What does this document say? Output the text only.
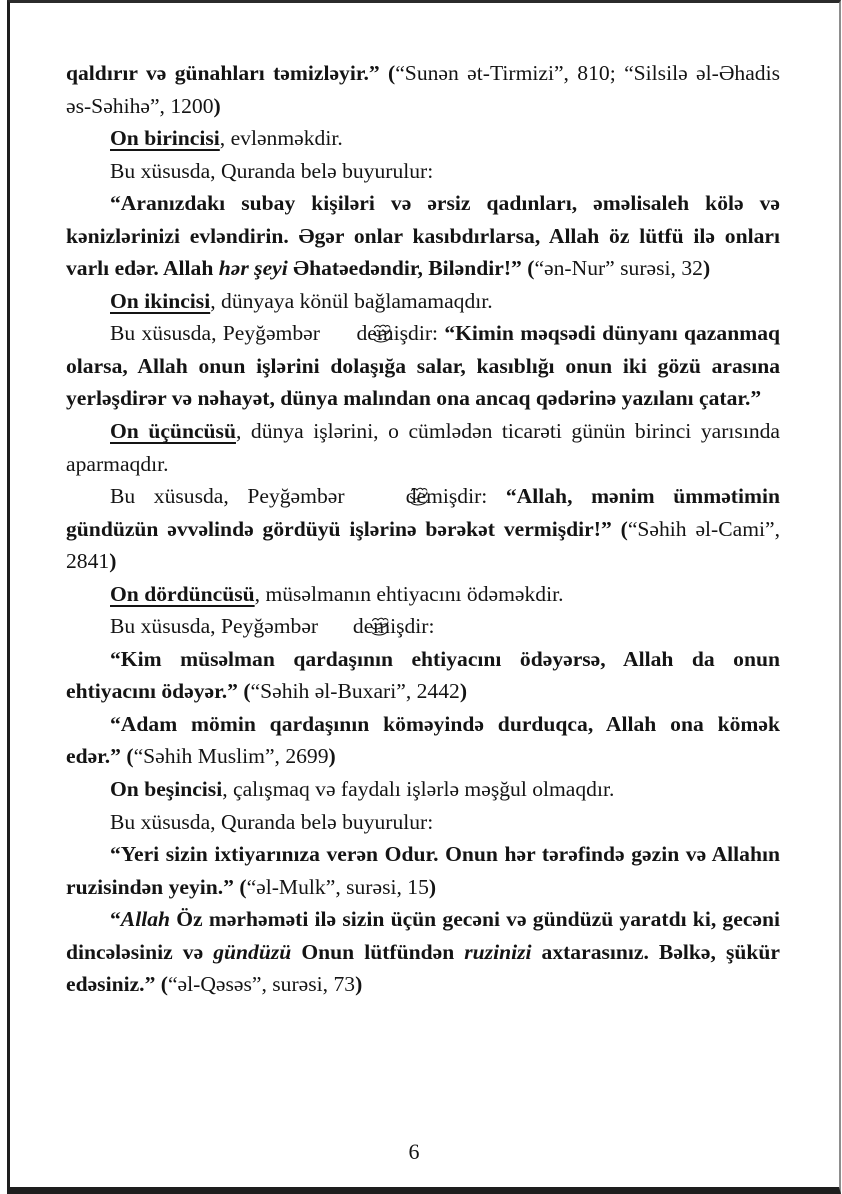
qaldırır və günahları təmizləyir.” (“Sunən ət-Tirmizi”, 810; “Silsilə əl-Əhadis əs-Səhihə”, 1200)

On birincisi, evlənməkdir.

Bu xüsusda, Quranda belə buyurulur:

“Aranızdakı subay kişiləri və ərsiz qadınları, əməlisaleh kölə və kənizlərinizi evləndirin. Əgər onlar kasıbdırlarsa, Allah öz lütfü ilə onları varlı edər. Allah hər şeyi Əhatəedəndir, Biləndir!” (“ən-Nur” surəsi, 32)

On ikincisi, dünyaya könül bağlamamaqdır.

Bu xüsusda, Peyğəmbər  demişdir: “Kimin məqsədi dünyanı qazanmaq olarsa, Allah onun işlərini dolaşığa salar, kasıblığı onun iki gözü arasına yerləşdirər və nəhayət, dünya malından ona ancaq qədərinə yazılanı çatar.”

On üçüncüsü, dünya işlərini, o cümlədən ticarəti günün birinci yarısında aparmaqdır.

Bu xüsusda, Peyğəmbər  demişdir: “Allah, mənim ümmətimin gündüzün əvvəlində gördüyü işlərinə bərəkət vermişdir!” (“Səhih əl-Cami”, 2841)

On dördüncüsü, müsəlmanın ehtiyacını ödəməkdir.

Bu xüsusda, Peyğəmbər  demişdir:

“Kim müsəlman qardaşının ehtiyacını ödəyərsə, Allah da onun ehtiyacını ödəyər.” (“Səhih əl-Buxari”, 2442)

“Adam mömin qardaşının köməyində durduqca, Allah ona kömək edər.” (“Səhih Muslim”, 2699)

On beşincisi, çalışmaq və faydalı işlərlə məşğul olmaqdır.

Bu xüsusda, Quranda belə buyurulur:

“Yeri sizin ixtiyarınıza verən Odur. Onun hər tərəfində gəzin və Allahın ruzisindən yeyin.” (“əl-Mulk”, surəsi, 15)

“Allah Öz mərhəməti ilə sizin üçün gecəni və gündüzü yaratdı ki, gecəni dincələsiniz və gündüzü Onun lütfündən ruzinizi axtarasınız. Bəlkə, şükür edəsiniz.” (“əl-Qəsəs”, surəsi, 73)

6
